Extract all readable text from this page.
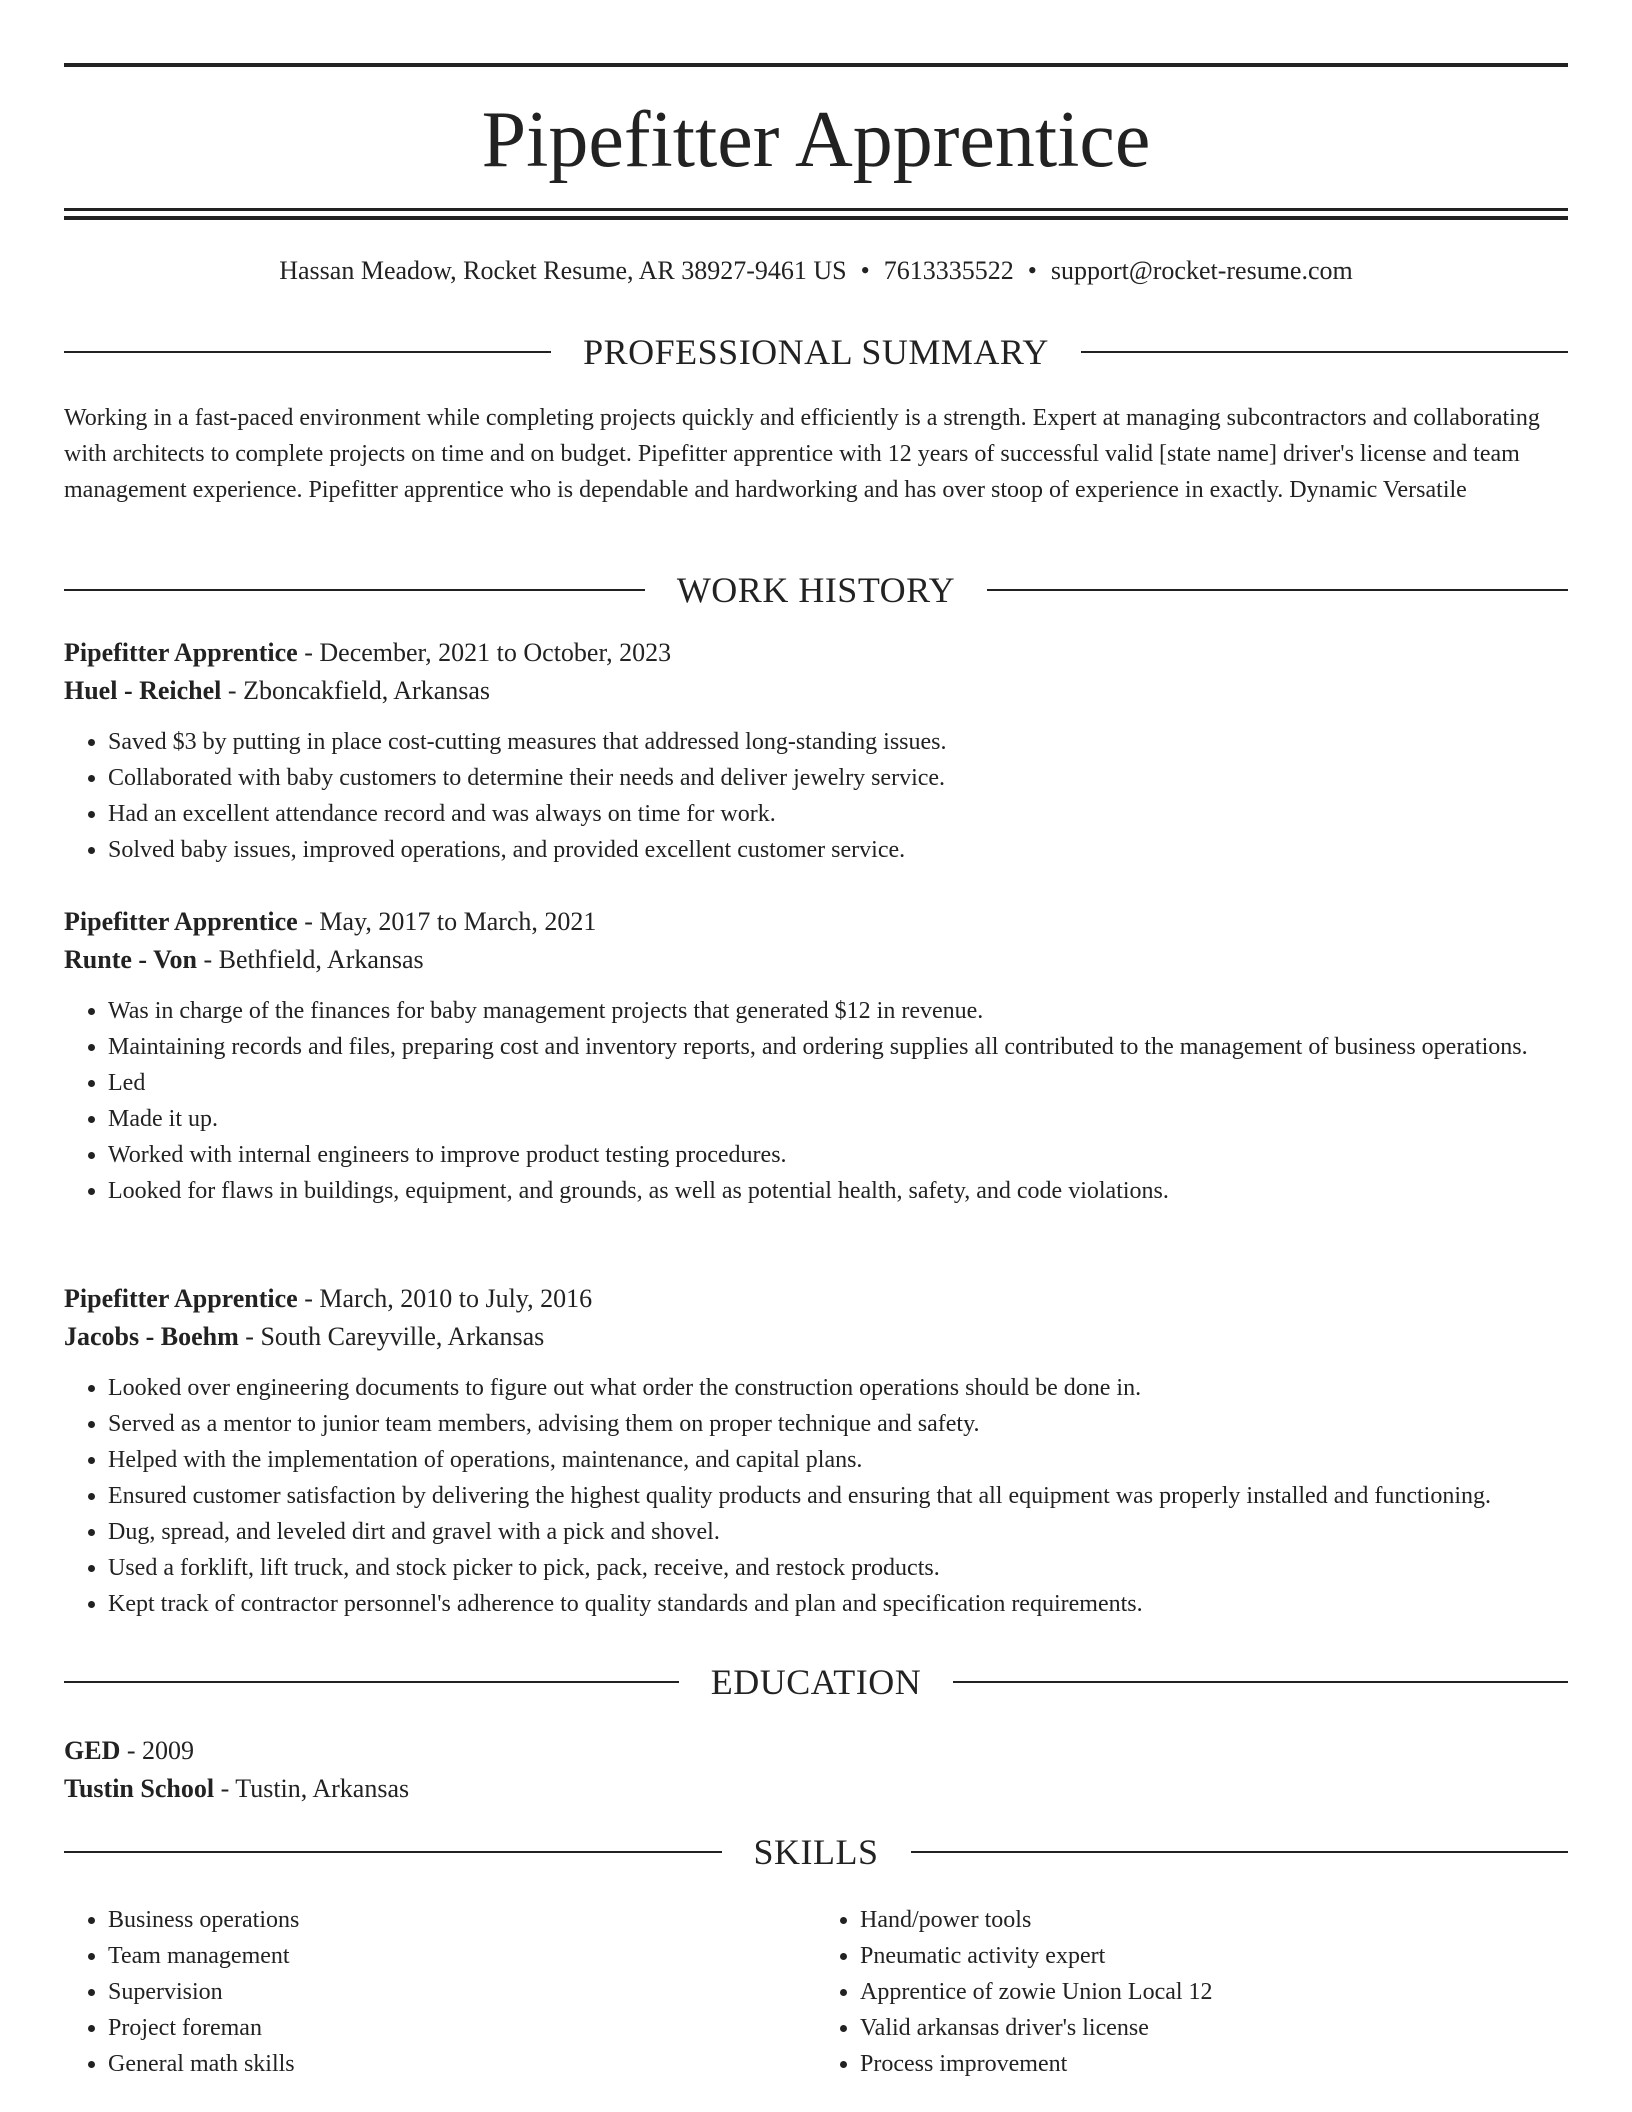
Pipefitter Apprentice
Hassan Meadow, Rocket Resume, AR 38927-9461 US • 7613335522 • support@rocket-resume.com
PROFESSIONAL SUMMARY

Working in a fast-paced environment while completing projects quickly and efficiently is a strength. Expert at managing subcontractors and collaborating with architects to complete projects on time and on budget. Pipefitter apprentice with 12 years of successful valid [state name] driver's license and team management experience. Pipefitter apprentice who is dependable and hardworking and has over stoop of experience in exactly. Dynamic Versatile

WORK HISTORY
Pipefitter Apprentice - December, 2021 to October, 2023
Huel - Reichel - Zboncakfield, Arkansas
• Saved $3 by putting in place cost-cutting measures that addressed long-standing issues.
• Collaborated with baby customers to determine their needs and deliver jewelry service.
• Had an excellent attendance record and was always on time for work.
• Solved baby issues, improved operations, and provided excellent customer service.
Pipefitter Apprentice - May, 2017 to March, 2021
Runte - Von - Bethfield, Arkansas
• Was in charge of the finances for baby management projects that generated $12 in revenue.
• Maintaining records and files, preparing cost and inventory reports, and ordering supplies all contributed to the management of business operations.
• Led
• Made it up.
• Worked with internal engineers to improve product testing procedures.
• Looked for flaws in buildings, equipment, and grounds, as well as potential health, safety, and code violations.
Pipefitter Apprentice - March, 2010 to July, 2016
Jacobs - Boehm - South Careyville, Arkansas
• Looked over engineering documents to figure out what order the construction operations should be done in.
• Served as a mentor to junior team members, advising them on proper technique and safety.
• Helped with the implementation of operations, maintenance, and capital plans.
• Ensured customer satisfaction by delivering the highest quality products and ensuring that all equipment was properly installed and functioning.
• Dug, spread, and leveled dirt and gravel with a pick and shovel.
• Used a forklift, lift truck, and stock picker to pick, pack, receive, and restock products.
• Kept track of contractor personnel's adherence to quality standards and plan and specification requirements.
EDUCATION
GED - 2009
Tustin School - Tustin, Arkansas
SKILLS
• Business operations
• Team management
• Supervision
• Project foreman
• General math skills
• Hand/power tools
• Pneumatic activity expert
• Apprentice of zowie Union Local 12
• Valid arkansas driver's license
• Process improvement
